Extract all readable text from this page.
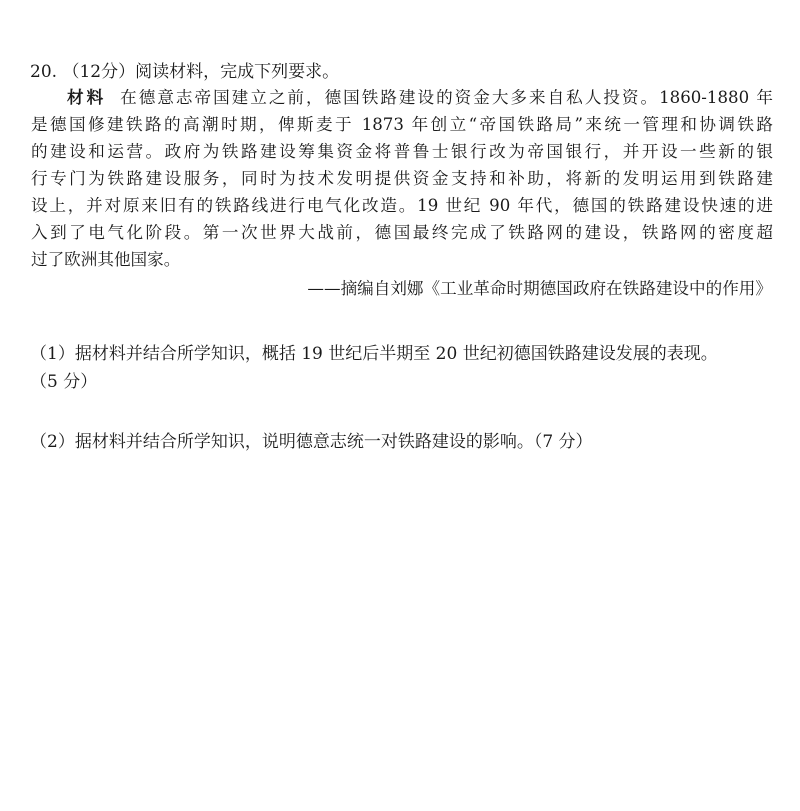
20. （12分）阅读材料，完成下列要求。
材料 在德意志帝国建立之前，德国铁路建设的资金大多来自私人投资。1860-1880 年
是德国修建铁路的高潮时期，俾斯麦于 1873 年创立“帝国铁路局”来统一管理和协调铁路
的建设和运营。政府为铁路建设筹集资金将普鲁士银行改为帝国银行，并开设一些新的银
行专门为铁路建设服务，同时为技术发明提供资金支持和补助，将新的发明运用到铁路建
设上，并对原来旧有的铁路线进行电气化改造。19 世纪 90 年代，德国的铁路建设快速的进
入到了电气化阶段。第一次世界大战前，德国最终完成了铁路网的建设，铁路网的密度超
过了欧洲其他国家。
——摘编自刘娜《工业革命时期德国政府在铁路建设中的作用》
（1）据材料并结合所学知识，概括 19 世纪后半期至 20 世纪初德国铁路建设发展的表现。
（5 分）
（2）据材料并结合所学知识，说明德意志统一对铁路建设的影响。（7 分）
